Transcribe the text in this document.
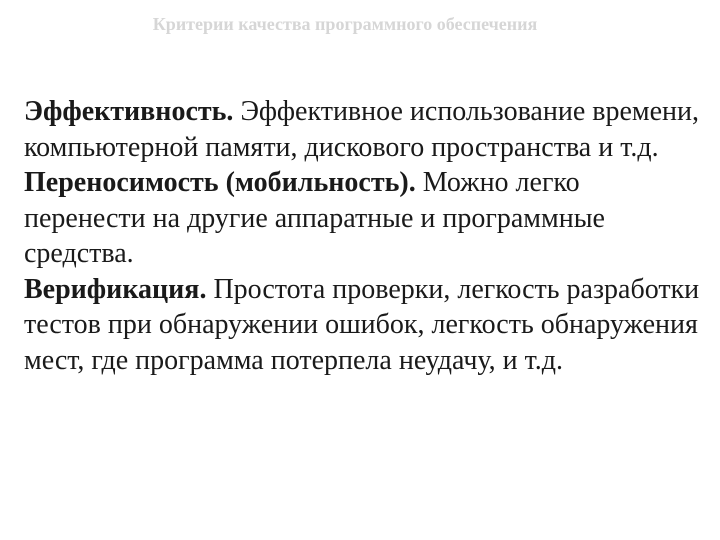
Критерии качества программного обеспечения

Эффективность. Эффективное использование времени, компьютерной памяти, дискового пространства и т.д.

Переносимость (мобильность). Можно легко перенести на другие аппаратные и программные средства.

Верификация. Простота проверки, легкость разработки тестов при обнаружении ошибок, легкость обнаружения мест, где программа потерпела неудачу, и т.д.
